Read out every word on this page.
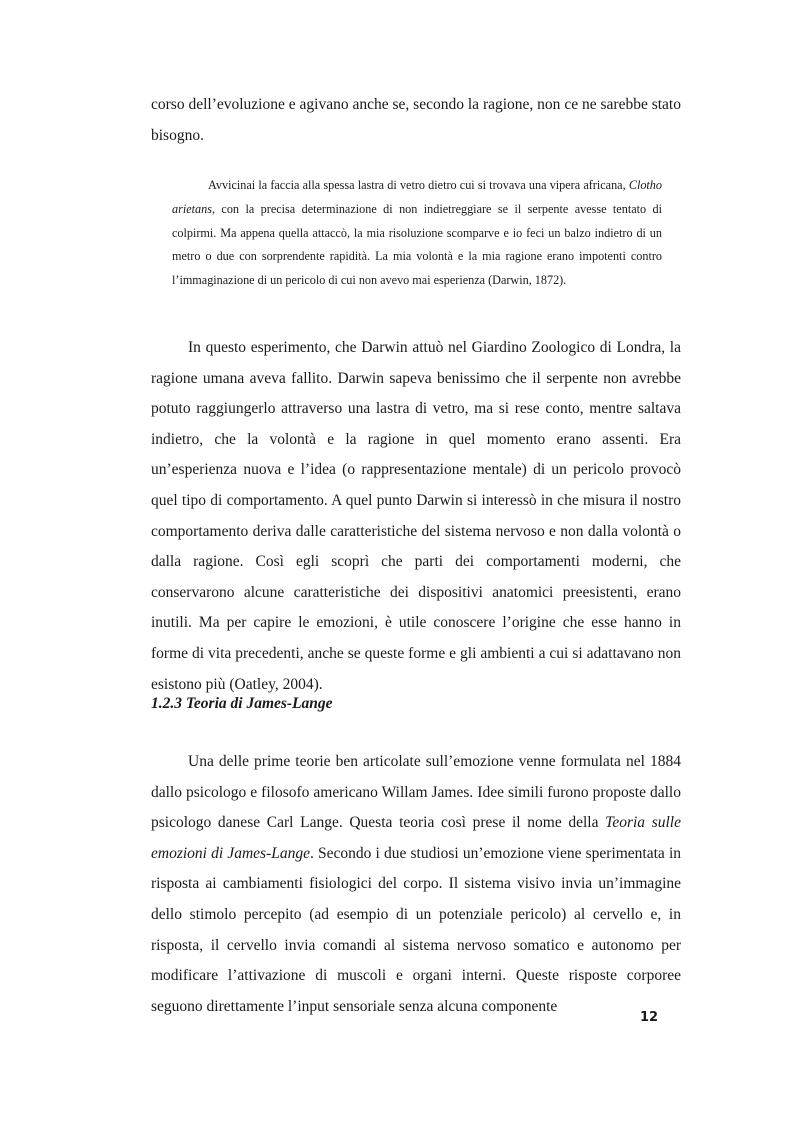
corso dell’evoluzione e agivano anche se, secondo la ragione, non ce ne sarebbe stato bisogno.

Avvicinai la faccia alla spessa lastra di vetro dietro cui si trovava una vipera africana, Clotho arietans, con la precisa determinazione di non indietreggiare se il serpente avesse tentato di colpirmi. Ma appena quella attaccò, la mia risoluzione scomparve e io feci un balzo indietro di un metro o due con sorprendente rapidità. La mia volontà e la mia ragione erano impotenti contro l’immaginazione di un pericolo di cui non avevo mai esperienza (Darwin, 1872).

In questo esperimento, che Darwin attuò nel Giardino Zoologico di Londra, la ragione umana aveva fallito. Darwin sapeva benissimo che il serpente non avrebbe potuto raggiungerlo attraverso una lastra di vetro, ma si rese conto, mentre saltava indietro, che la volontà e la ragione in quel momento erano assenti. Era un’esperienza nuova e l’idea (o rappresentazione mentale) di un pericolo provocò quel tipo di comportamento. A quel punto Darwin si interessò in che misura il nostro comportamento deriva dalle caratteristiche del sistema nervoso e non dalla volontà o dalla ragione. Così egli scoprì che parti dei comportamenti moderni, che conservarono alcune caratteristiche dei dispositivi anatomici preesistenti, erano inutili. Ma per capire le emozioni, è utile conoscere l’origine che esse hanno in forme di vita precedenti, anche se queste forme e gli ambienti a cui si adattavano non esistono più (Oatley, 2004).

1.2.3 Teoria di James-Lange

Una delle prime teorie ben articolate sull’emozione venne formulata nel 1884 dallo psicologo e filosofo americano Willam James. Idee simili furono proposte dallo psicologo danese Carl Lange. Questa teoria così prese il nome della Teoria sulle emozioni di James-Lange. Secondo i due studiosi un’emozione viene sperimentata in risposta ai cambiamenti fisiologici del corpo. Il sistema visivo invia un’immagine dello stimolo percepito (ad esempio di un potenziale pericolo) al cervello e, in risposta, il cervello invia comandi al sistema nervoso somatico e autonomo per modificare l’attivazione di muscoli e organi interni. Queste risposte corporee seguono direttamente l’input sensoriale senza alcuna componente

12
